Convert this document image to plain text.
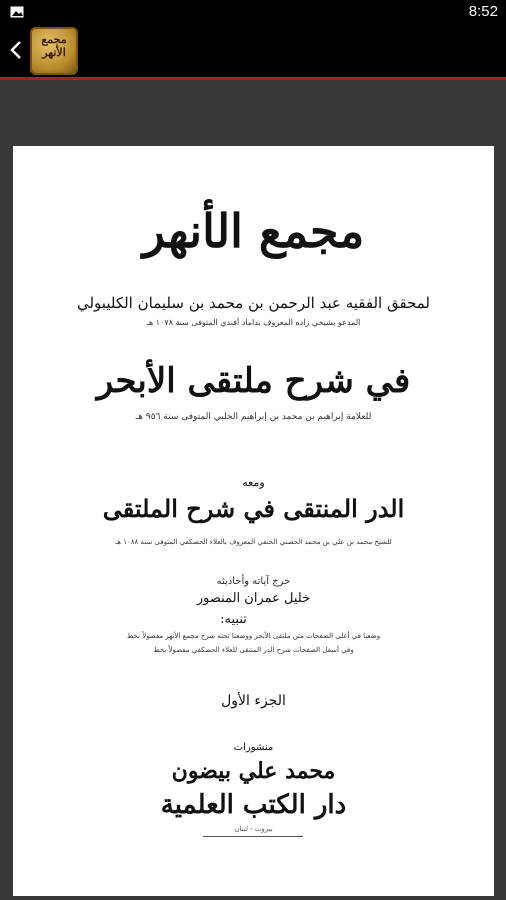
8:52
مجمع
الأنهر
مجمع الأنهر
لمحقق الفقيه عبد الرحمن بن محمد بن سليمان الكليبولي
المدعو بشيخي زاده المعروف بداماد أفندي المتوفى سنة ١٠٧٨ هـ
في شرح ملتقى الأبحر
للعلامة إبراهيم بن محمد بن إبراهيم الحلبي المتوفى سنة ٩٥٦ هـ
ومعه
الدر المنتقى في شرح الملتقى
للشيخ محمد بن علي بن محمد الحصني الحنفي المعروف بالعلاء الحصكفي المتوفى سنة ١٠٨٨ هـ
خرج آياته وأحاديثه
خليل عمران المنصور
تنبيه:
وضعنا في أعلى الصفحات متن ملتقى الأبحر ووضعنا تحته شرح مجمع الأنهر مفصولاً بخط
وفي أسفل الصفحات شرح الدر المنتقى للعلاء الحصكفي مفصولاً بخط
الجزء الأول
منشورات
محمد علي بيضون
دار الكتب العلمية
بيروت - لبنان
